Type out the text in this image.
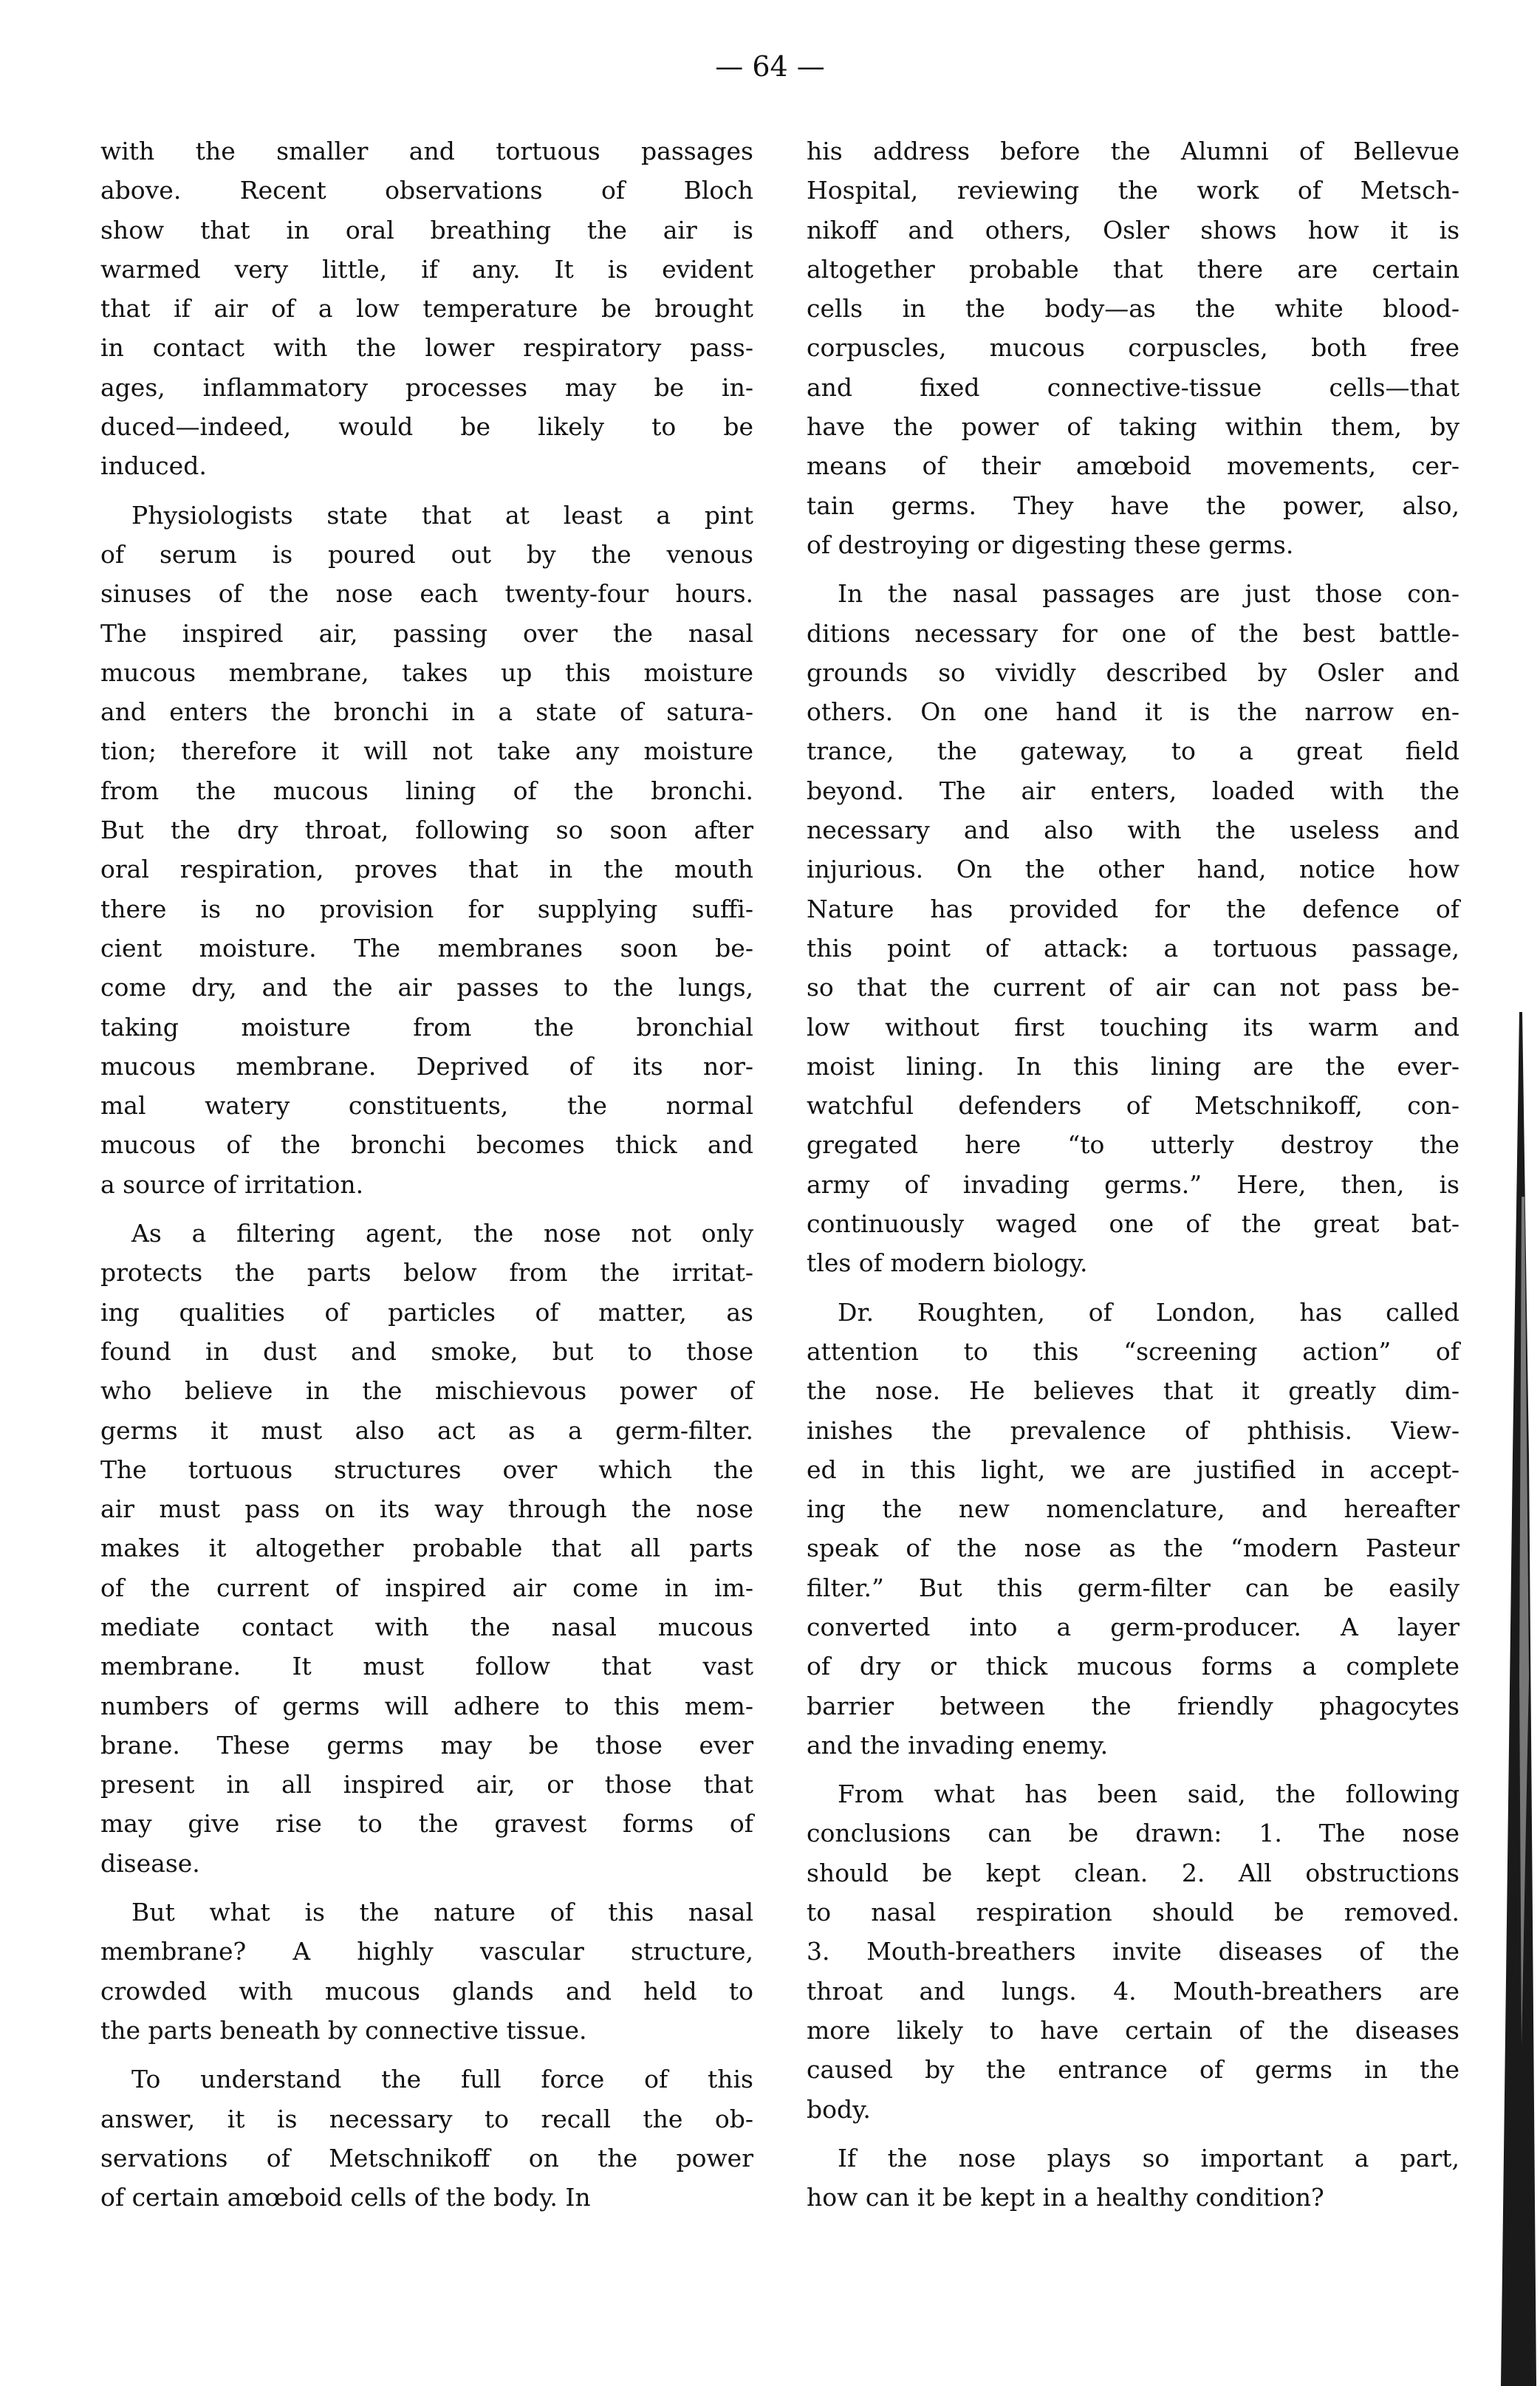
— 64 —
with the smaller and tortuous passages
above. Recent observations of Bloch
show that in oral breathing the air is
warmed very little, if any. It is evident
that if air of a low temperature be brought
in contact with the lower respiratory pass-
ages, inflammatory processes may be in-
duced—indeed, would be likely to be
induced.
Physiologists state that at least a pint
of serum is poured out by the venous
sinuses of the nose each twenty-four hours.
The inspired air, passing over the nasal
mucous membrane, takes up this moisture
and enters the bronchi in a state of satura-
tion; therefore it will not take any moisture
from the mucous lining of the bronchi.
But the dry throat, following so soon after
oral respiration, proves that in the mouth
there is no provision for supplying suffi-
cient moisture. The membranes soon be-
come dry, and the air passes to the lungs,
taking moisture from the bronchial
mucous membrane. Deprived of its nor-
mal watery constituents, the normal
mucous of the bronchi becomes thick and
a source of irritation.
As a filtering agent, the nose not only
protects the parts below from the irritat-
ing qualities of particles of matter, as
found in dust and smoke, but to those
who believe in the mischievous power of
germs it must also act as a germ-filter.
The tortuous structures over which the
air must pass on its way through the nose
makes it altogether probable that all parts
of the current of inspired air come in im-
mediate contact with the nasal mucous
membrane. It must follow that vast
numbers of germs will adhere to this mem-
brane. These germs may be those ever
present in all inspired air, or those that
may give rise to the gravest forms of
disease.
But what is the nature of this nasal
membrane? A highly vascular structure,
crowded with mucous glands and held to
the parts beneath by connective tissue.
To understand the full force of this
answer, it is necessary to recall the ob-
servations of Metschnikoff on the power
of certain amœboid cells of the body. In
his address before the Alumni of Bellevue
Hospital, reviewing the work of Metsch-
nikoff and others, Osler shows how it is
altogether probable that there are certain
cells in the body—as the white blood-
corpuscles, mucous corpuscles, both free
and fixed connective-tissue cells—that
have the power of taking within them, by
means of their amœboid movements, cer-
tain germs. They have the power, also,
of destroying or digesting these germs.
In the nasal passages are just those con-
ditions necessary for one of the best battle-
grounds so vividly described by Osler and
others. On one hand it is the narrow en-
trance, the gateway, to a great field
beyond. The air enters, loaded with the
necessary and also with the useless and
injurious. On the other hand, notice how
Nature has provided for the defence of
this point of attack: a tortuous passage,
so that the current of air can not pass be-
low without first touching its warm and
moist lining. In this lining are the ever-
watchful defenders of Metschnikoff, con-
gregated here “to utterly destroy the
army of invading germs.” Here, then, is
continuously waged one of the great bat-
tles of modern biology.
Dr. Roughten, of London, has called
attention to this “screening action” of
the nose. He believes that it greatly dim-
inishes the prevalence of phthisis. View-
ed in this light, we are justified in accept-
ing the new nomenclature, and hereafter
speak of the nose as the “modern Pasteur
filter.” But this germ-filter can be easily
converted into a germ-producer. A layer
of dry or thick mucous forms a complete
barrier between the friendly phagocytes
and the invading enemy.
From what has been said, the following
conclusions can be drawn: 1. The nose
should be kept clean. 2. All obstructions
to nasal respiration should be removed.
3. Mouth-breathers invite diseases of the
throat and lungs. 4. Mouth-breathers are
more likely to have certain of the diseases
caused by the entrance of germs in the
body.
If the nose plays so important a part,
how can it be kept in a healthy condition?
